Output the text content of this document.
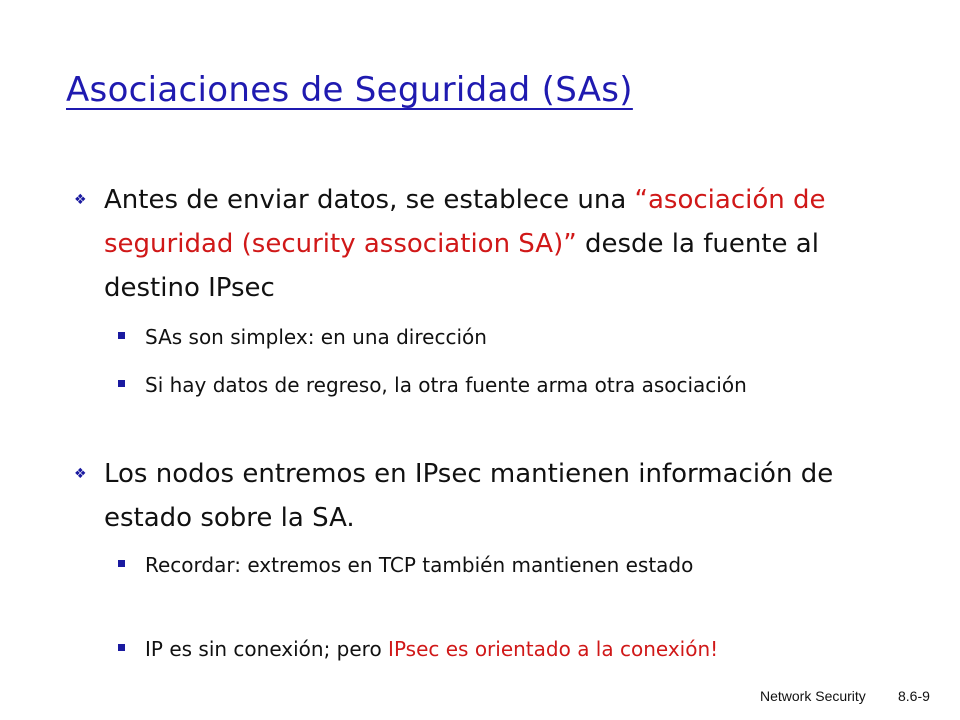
Asociaciones de Seguridad (SAs)
❖ Antes de enviar datos, se establece una “asociación de seguridad (security association SA)” desde la fuente al destino IPsec
SAs son simplex: en una dirección
Si hay datos de regreso, la otra fuente arma otra asociación
❖ Los nodos entremos en IPsec mantienen información de estado sobre la SA.
Recordar: extremos en TCP también mantienen estado
IP es sin conexión; pero IPsec es orientado a la conexión!
Network Security 8.6-9
